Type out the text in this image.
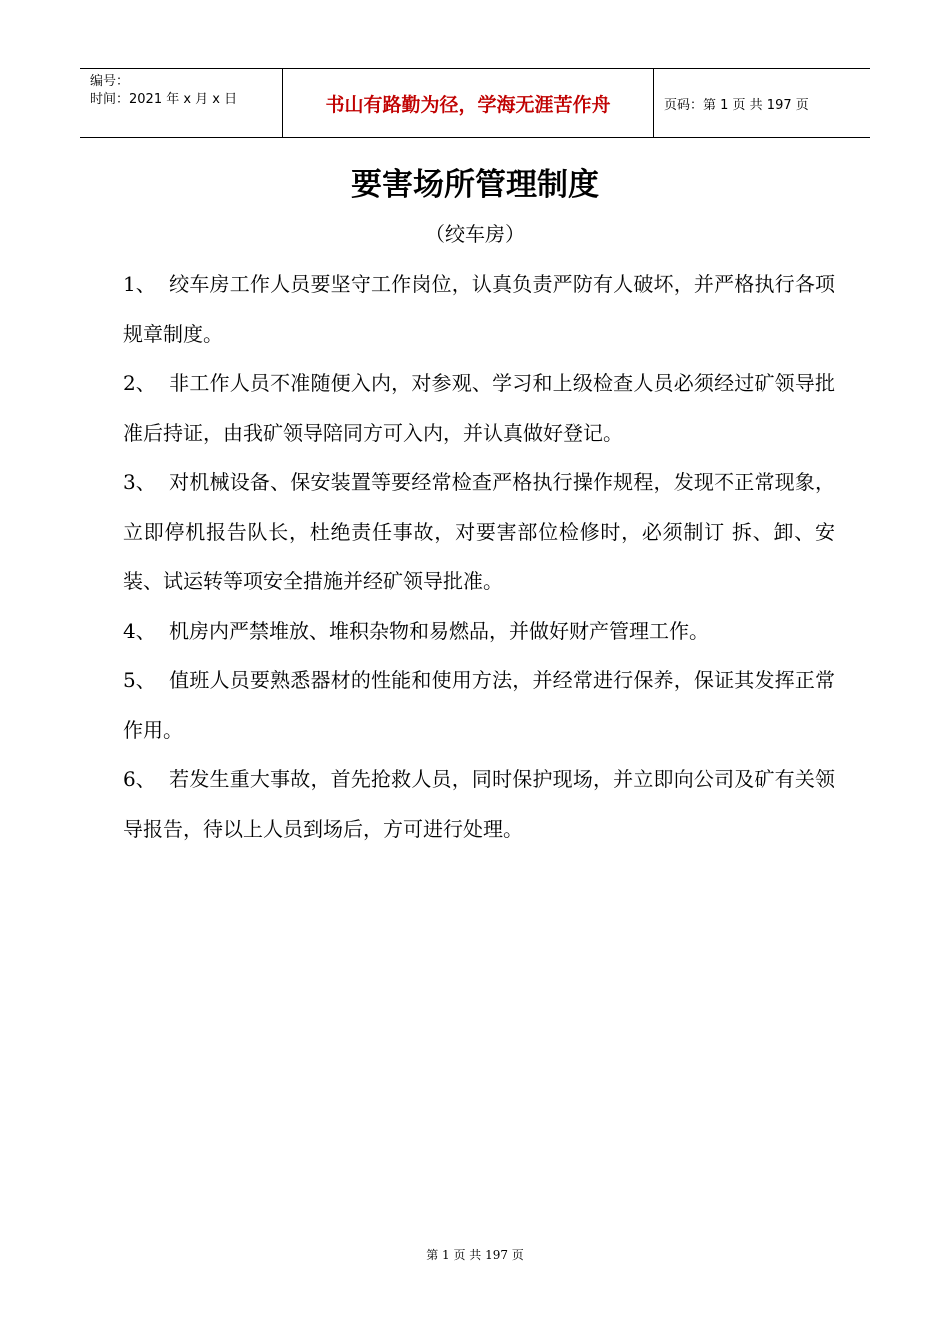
编号：
时间：2021 年 x 月 x 日	书山有路勤为径，学海无涯苦作舟	页码：第 1 页 共 197 页
要害场所管理制度
（绞车房）

1、 绞车房工作人员要坚守工作岗位，认真负责严防有人破坏，并严格执行各项规章制度。

2、 非工作人员不准随便入内，对参观、学习和上级检查人员必须经过矿领导批准后持证，由我矿领导陪同方可入内，并认真做好登记。

3、 对机械设备、保安装置等要经常检查严格执行操作规程，发现不正常现象，立即停机报告队长，杜绝责任事故，对要害部位检修时，必须制订 拆、卸、安装、试运转等项安全措施并经矿领导批准。

4、 机房内严禁堆放、堆积杂物和易燃品，并做好财产管理工作。

5、 值班人员要熟悉器材的性能和使用方法，并经常进行保养，保证其发挥正常作用。

6、 若发生重大事故，首先抢救人员，同时保护现场，并立即向公司及矿有关领导报告，待以上人员到场后，方可进行处理。

第 1 页 共 197 页
